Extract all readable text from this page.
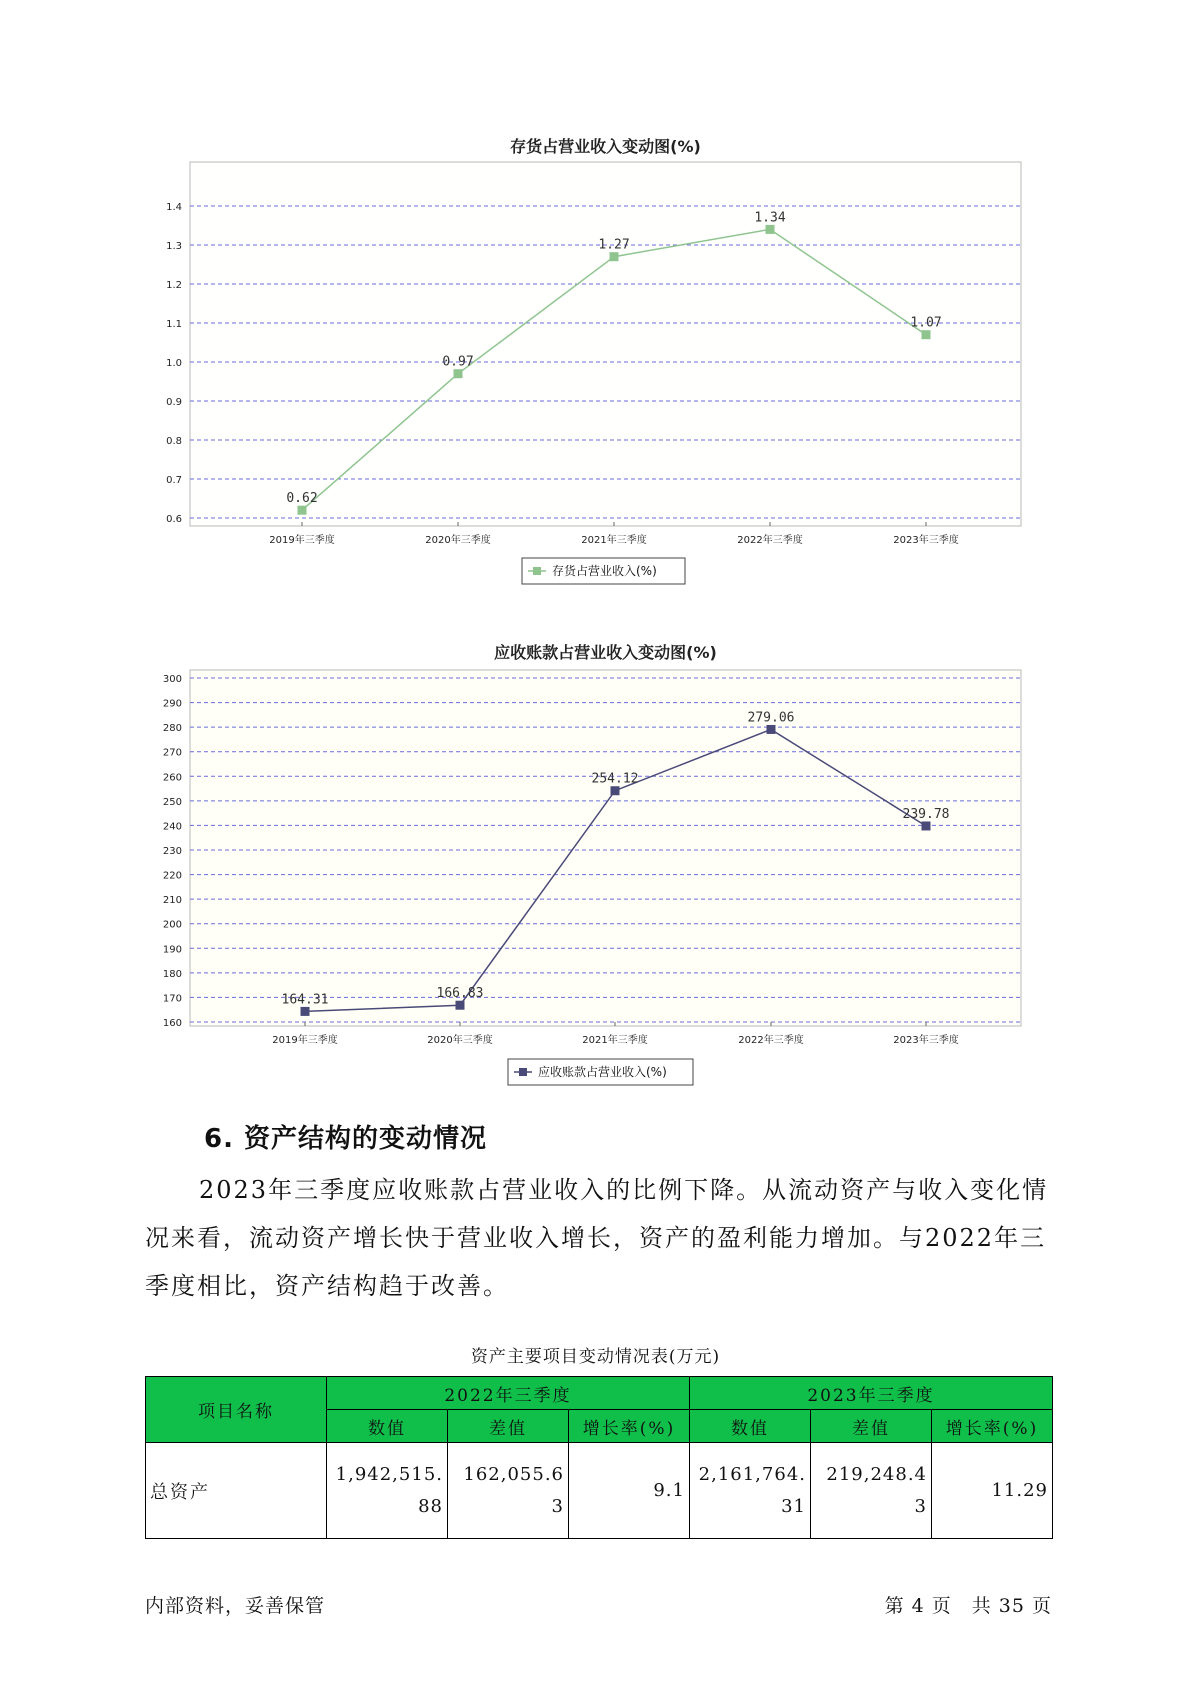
存货占营业收入变动图(%)
0.6
0.7
0.8
0.9
1.0
1.1
1.2
1.3
1.4
2019年三季度	2020年三季度	2021年三季度	2022年三季度	2023年三季度
0.62
0.97
1.27
1.34
1.07
存货占营业收入(%)
应收账款占营业收入变动图(%)
160
170
180
190
200
210
220
230
240
250
260
270
280
290
300
2019年三季度	2020年三季度	2021年三季度	2022年三季度	2023年三季度
164.31	166.83
254.12
279.06
239.78
应收账款占营业收入(%)
6. 资产结构的变动情况
2023年三季度应收账款占营业收入的比例下降。从流动资产与收入变化情况来看，流动资产增长快于营业收入增长，资产的盈利能力增加。与2022年三季度相比，资产结构趋于改善。
资产主要项目变动情况表(万元)
项目名称	2022年三季度			2023年三季度		
	数值	差值	增长率(%)	数值	差值	增长率(%)
总资产	1,942,515.88	162,055.63	9.1	2,161,764.31	219,248.43	11.29
内部资料，妥善保管	第 4 页　共 35 页
